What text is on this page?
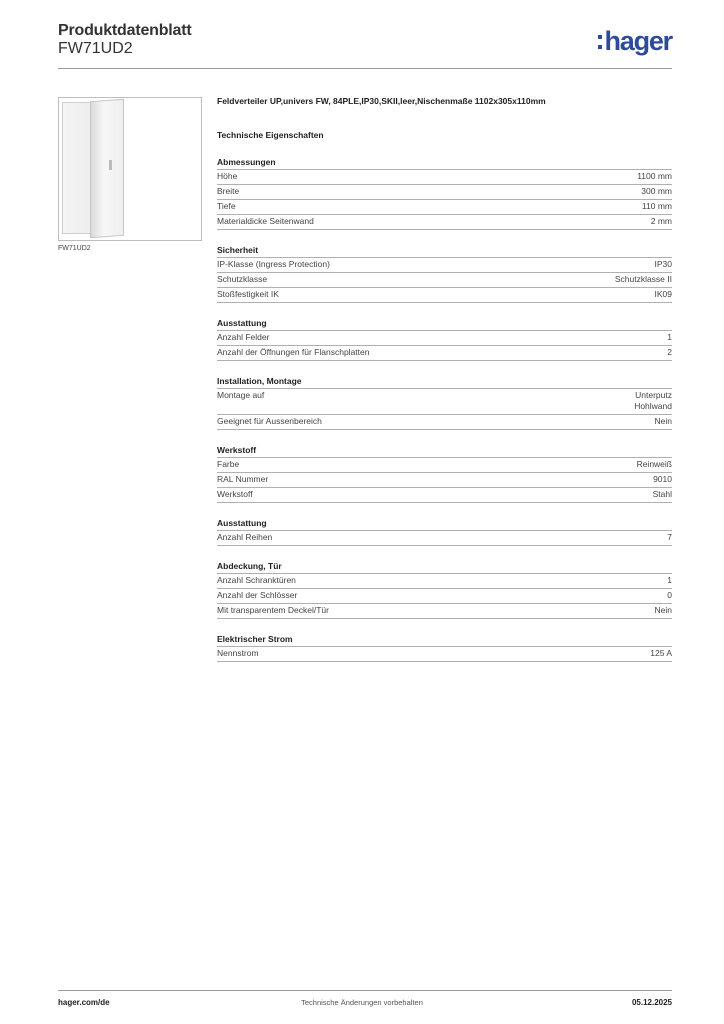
Produktdatenblatt
FW71UD2	hager
FW71UD2
Feldverteiler UP,univers FW, 84PLE,IP30,SKII,leer,Nischenmaße 1102x305x110mm
Technische Eigenschaften
Abmessungen
Höhe	1100 mm
Breite	300 mm
Tiefe	110 mm
Materialdicke Seitenwand	2 mm
Sicherheit
IP-Klasse (Ingress Protection)	IP30
Schutzklasse	Schutzklasse II
Stoßfestigkeit IK	IK09
Ausstattung
Anzahl Felder	1
Anzahl der Öffnungen für Flanschplatten	2
Installation, Montage
Montage auf	Unterputz
Hohlwand
Geeignet für Aussenbereich	Nein
Werkstoff
Farbe	Reinweiß
RAL Nummer	9010
Werkstoff	Stahl
Ausstattung
Anzahl Reihen	7
Abdeckung, Tür
Anzahl Schranktüren	1
Anzahl der Schlösser	0
Mit transparentem Deckel/Tür	Nein
Elektrischer Strom
Nennstrom	125 A
hager.com/de	Technische Änderungen vorbehalten	05.12.2025
